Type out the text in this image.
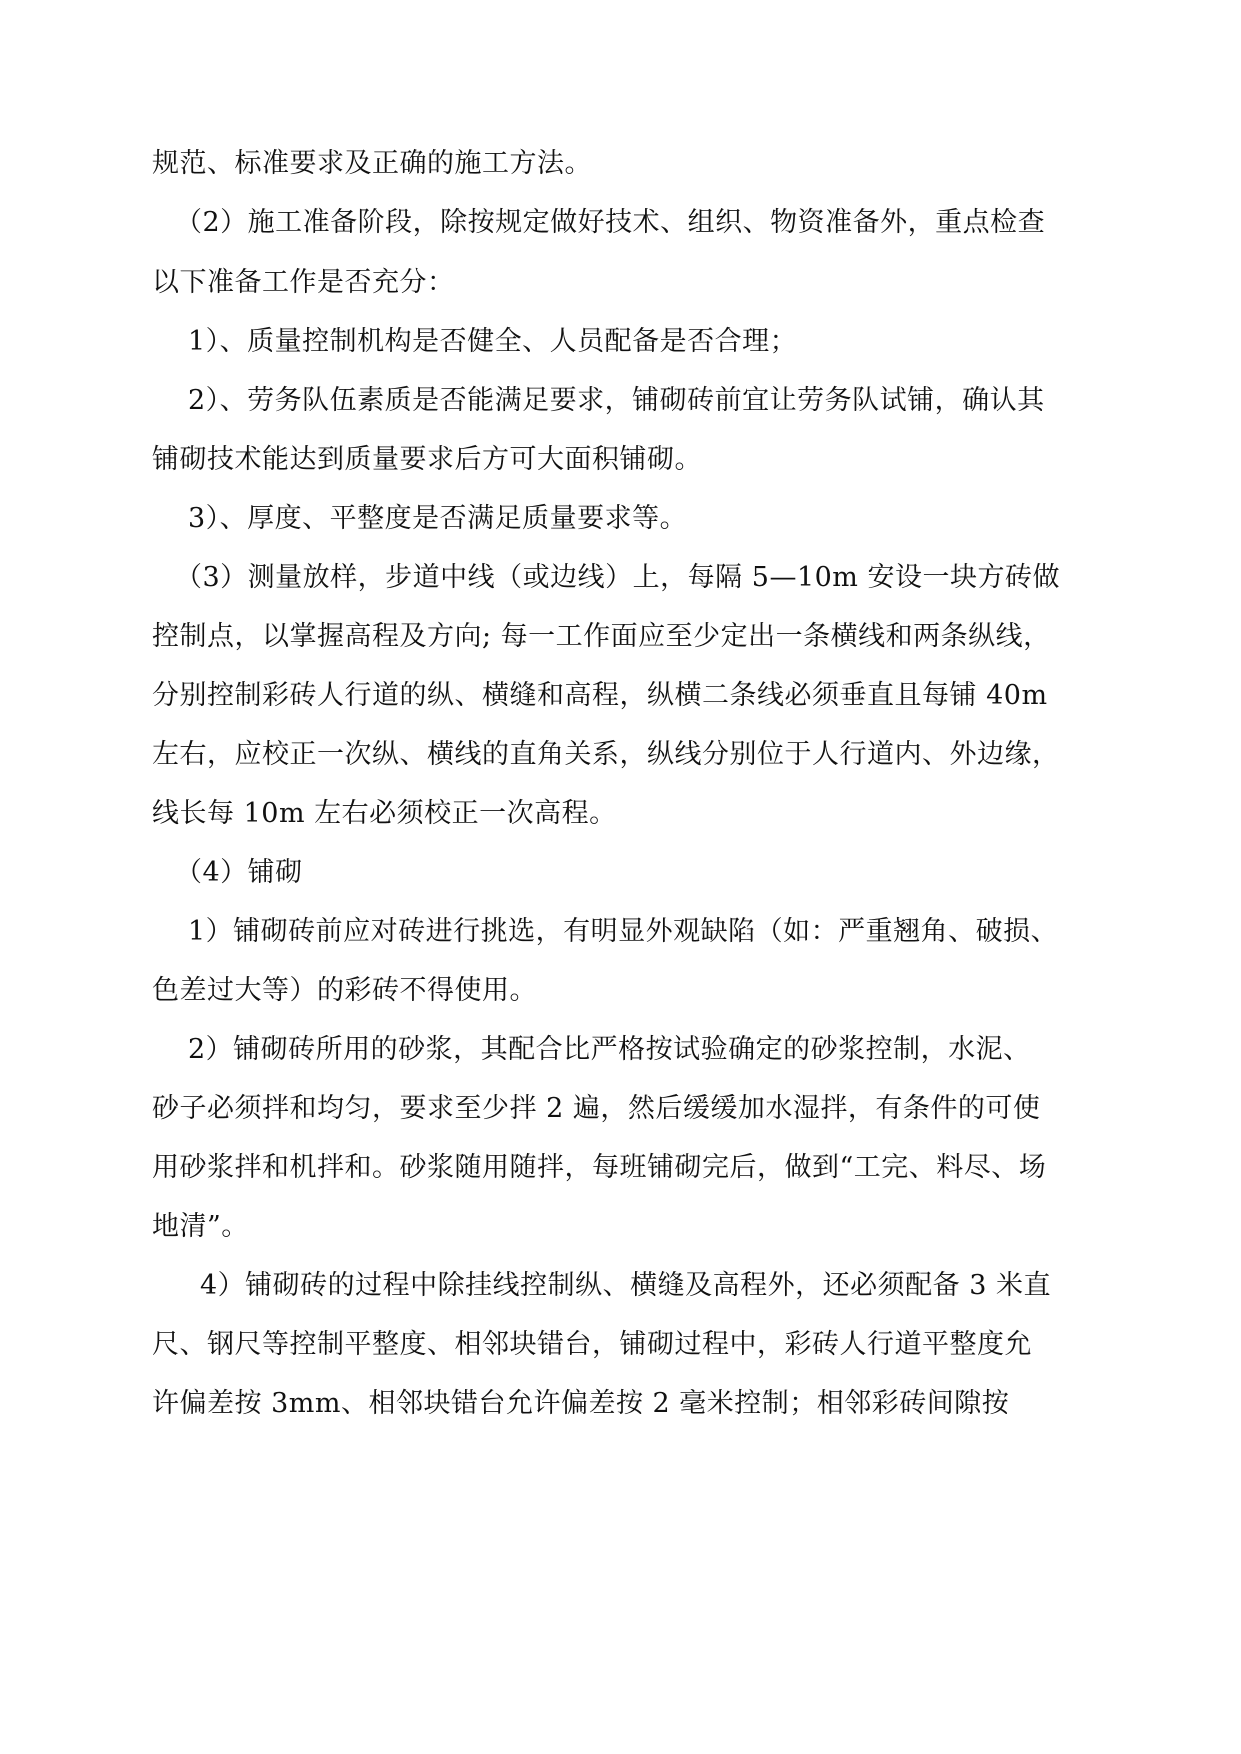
规范、标准要求及正确的施工方法。

（2）施工准备阶段，除按规定做好技术、组织、物资准备外，重点检查

以下准备工作是否充分：

1）、质量控制机构是否健全、人员配备是否合理；

2）、劳务队伍素质是否能满足要求，铺砌砖前宜让劳务队试铺，确认其

铺砌技术能达到质量要求后方可大面积铺砌。

3）、厚度、平整度是否满足质量要求等。

（3）测量放样，步道中线（或边线）上，每隔 5—10m 安设一块方砖做

控制点，以掌握高程及方向; 每一工作面应至少定出一条横线和两条纵线，

分别控制彩砖人行道的纵、横缝和高程，纵横二条线必须垂直且每铺 40m

左右，应校正一次纵、横线的直角关系，纵线分别位于人行道内、外边缘，

线长每 10m 左右必须校正一次高程。

（4）铺砌

1）铺砌砖前应对砖进行挑选，有明显外观缺陷（如：严重翘角、破损、

色差过大等）的彩砖不得使用。

2）铺砌砖所用的砂浆，其配合比严格按试验确定的砂浆控制，水泥、

砂子必须拌和均匀，要求至少拌 2 遍，然后缓缓加水湿拌，有条件的可使

用砂浆拌和机拌和。砂浆随用随拌，每班铺砌完后，做到“工完、料尽、场

地清”。

4）铺砌砖的过程中除挂线控制纵、横缝及高程外，还必须配备 3 米直

尺、钢尺等控制平整度、相邻块错台，铺砌过程中，彩砖人行道平整度允

许偏差按 3mm、相邻块错台允许偏差按 2 毫米控制；相邻彩砖间隙按
